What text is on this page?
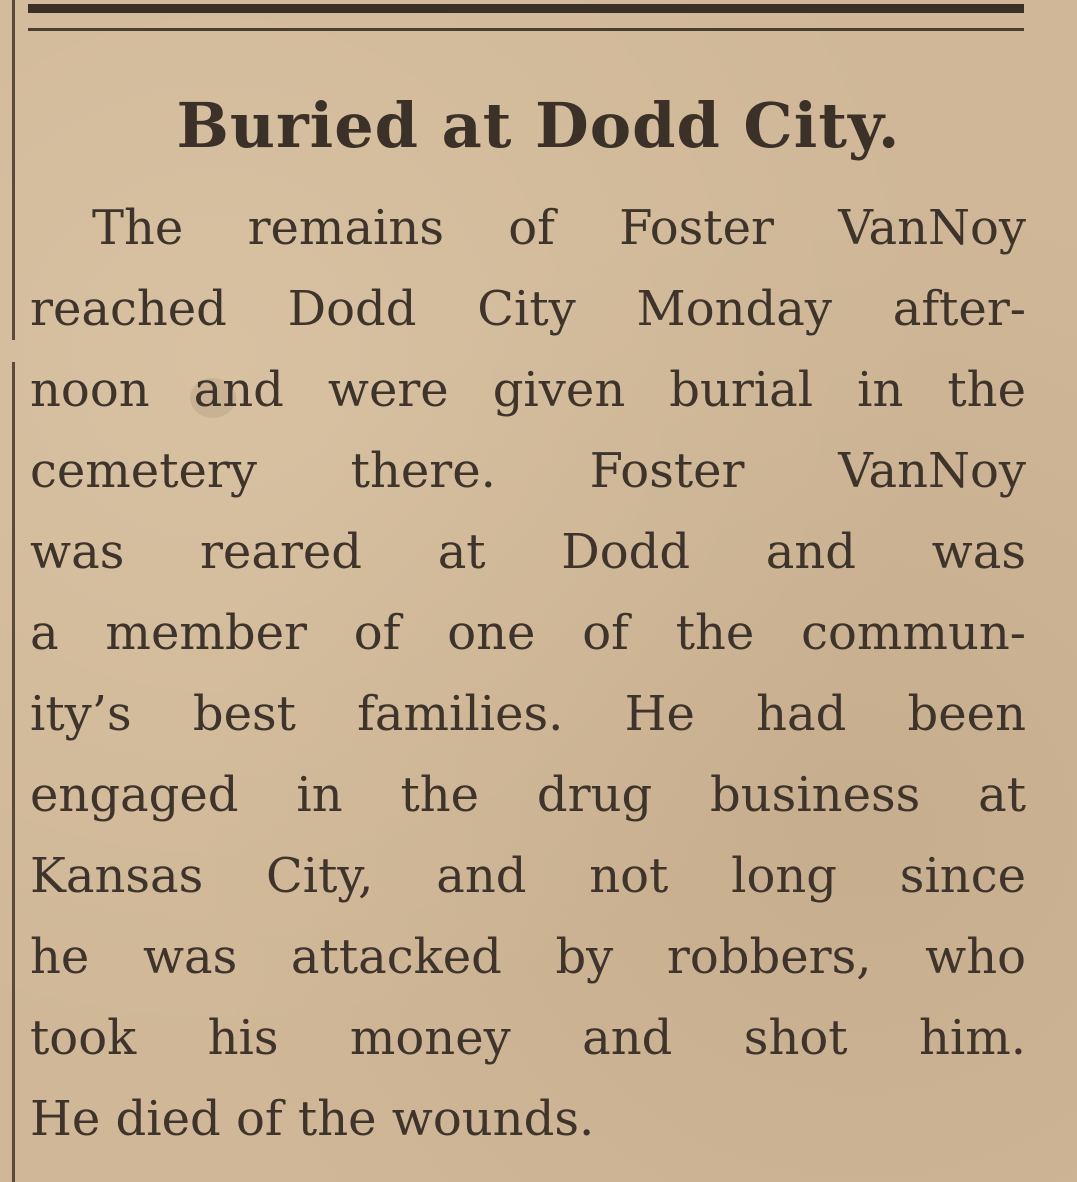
Buried at Dodd City.
The remains of Foster VanNoy
reached Dodd City Monday after-
noon and were given burial in the
cemetery there. Foster VanNoy
was reared at Dodd and was
a member of one of the commun-
ity’s best families. He had been
engaged in the drug business at
Kansas City, and not long since
he was attacked by robbers, who
took his money and shot him.
He died of the wounds.
